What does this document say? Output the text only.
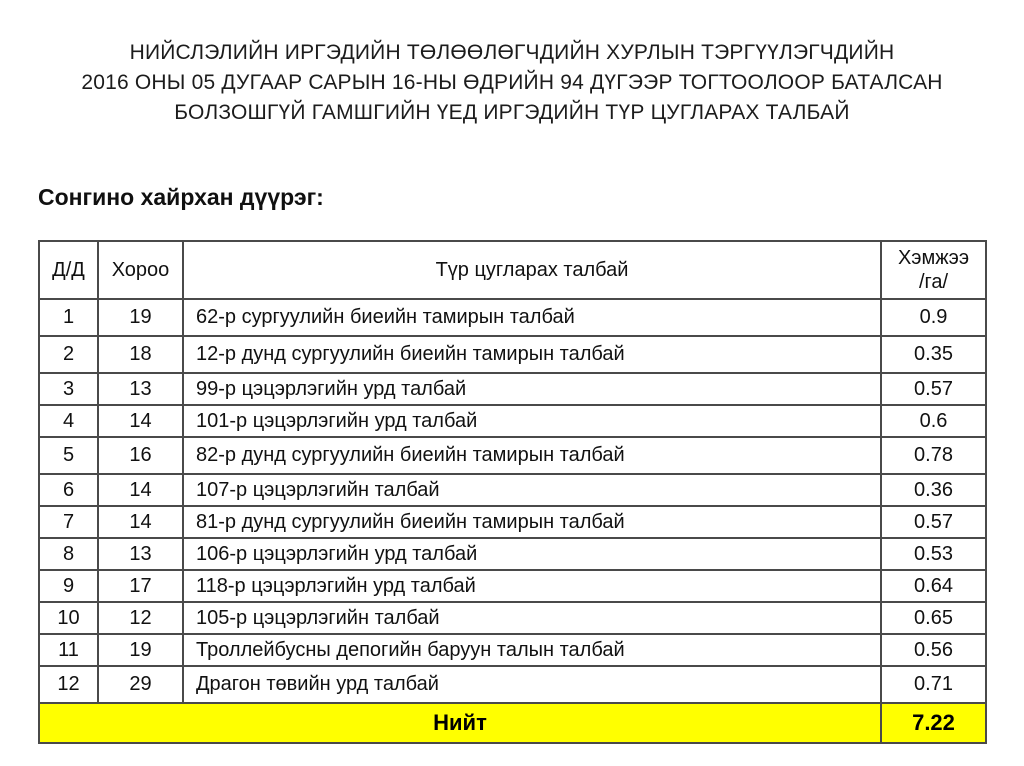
НИЙСЛЭЛИЙН ИРГЭДИЙН ТӨЛӨӨЛӨГЧДИЙН ХУРЛЫН ТЭРГҮҮЛЭГЧДИЙН
2016 ОНЫ 05 ДУГААР САРЫН 16-НЫ ӨДРИЙН 94 ДҮГЭЭР ТОГТООЛООР БАТАЛСАН
БОЛЗОШГҮЙ ГАМШГИЙН ҮЕД ИРГЭДИЙН ТҮР ЦУГЛАРАХ ТАЛБАЙ
Сонгино хайрхан дүүрэг:
Д/Д	Хороо	Түр цугларах талбай	Хэмжээ
/га/

1	19	62-р сургуулийн биеийн тамирын талбай	0.9
2	18	12-р дунд сургуулийн биеийн тамирын талбай	0.35
3	13	99-р цэцэрлэгийн урд талбай	0.57
4	14	101-р цэцэрлэгийн урд талбай	0.6
5	16	82-р дунд сургуулийн биеийн тамирын талбай	0.78
6	14	107-р цэцэрлэгийн талбай	0.36
7	14	81-р дунд сургуулийн биеийн тамирын талбай	0.57
8	13	106-р цэцэрлэгийн урд талбай	0.53
9	17	118-р цэцэрлэгийн урд талбай	0.64
10	12	105-р цэцэрлэгийн талбай	0.65
11	19	Троллейбусны депогийн баруун талын талбай	0.56
12	29	Драгон төвийн урд талбай	0.71
Нийт			7.22
